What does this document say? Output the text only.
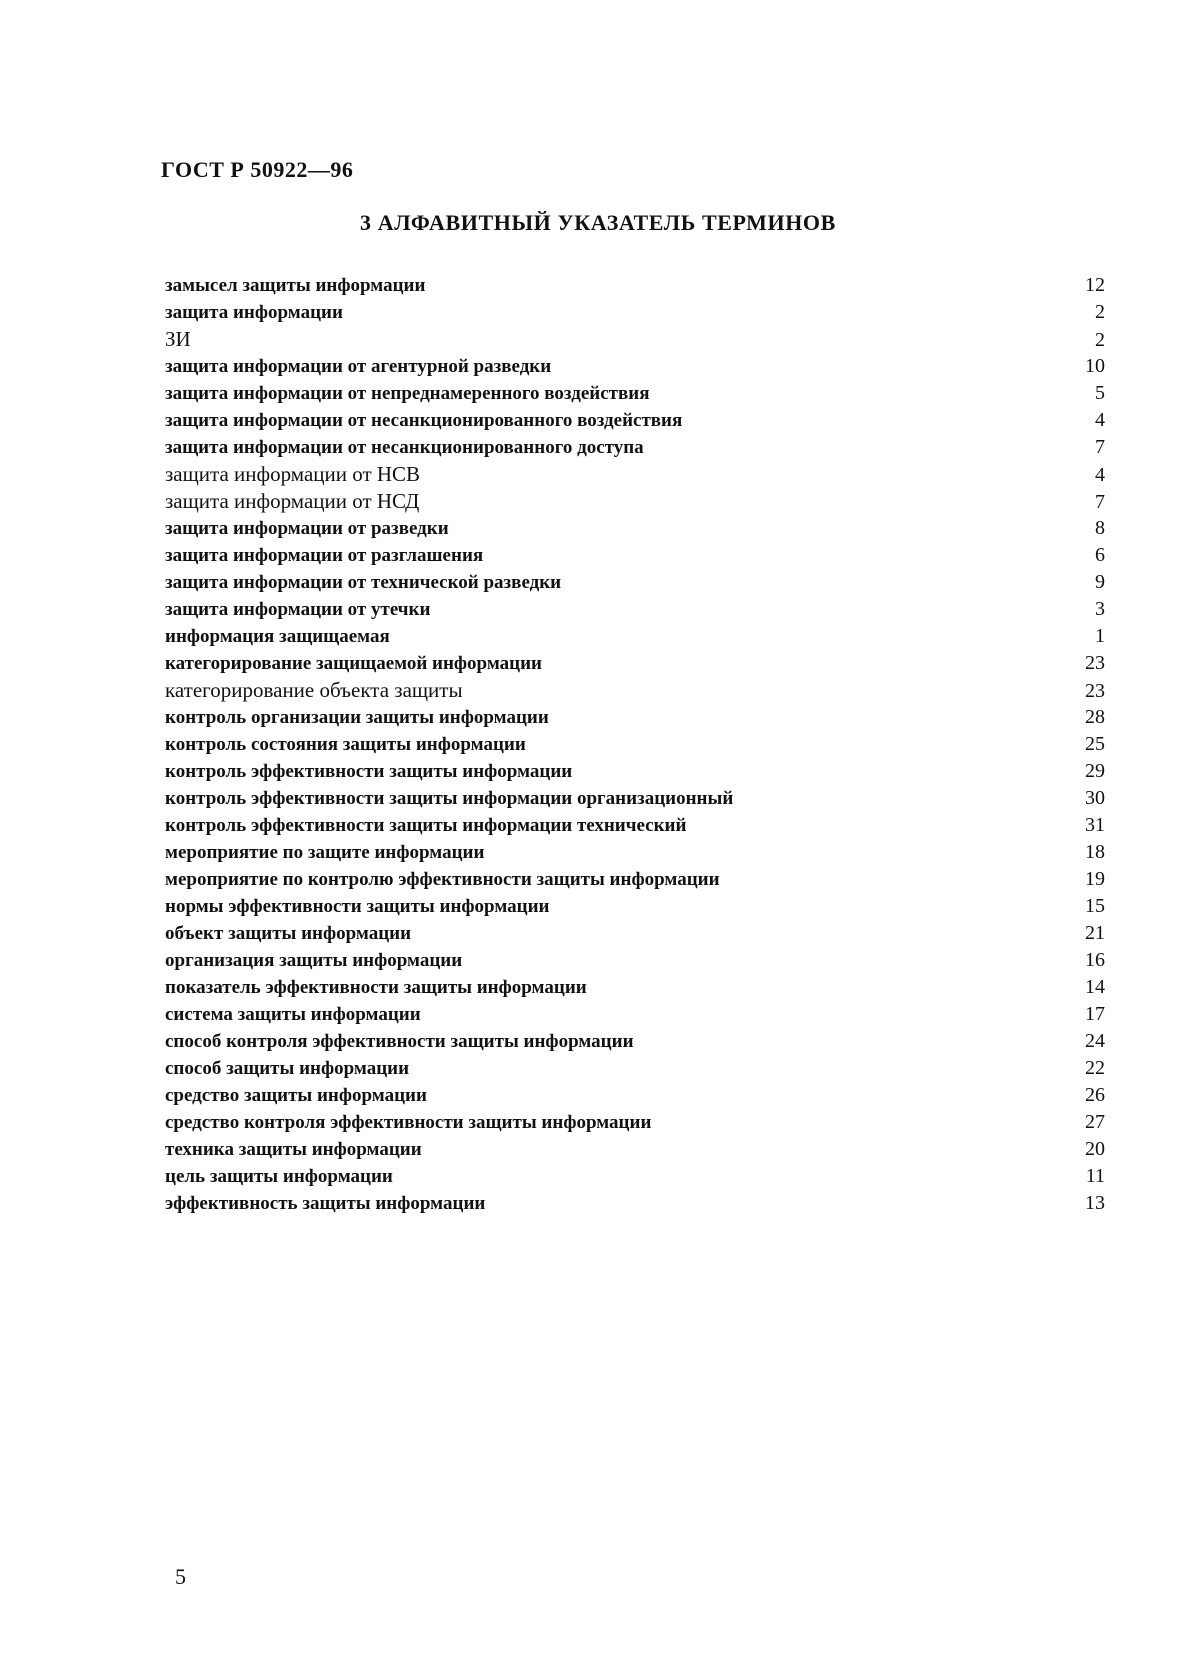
ГОСТ Р 50922—96
3 АЛФАВИТНЫЙ УКАЗАТЕЛЬ ТЕРМИНОВ
замысел защиты информации	12
защита информации	2
ЗИ	2
защита информации от агентурной разведки	10
защита информации от непреднамеренного воздействия	5
защита информации от несанкционированного воздействия	4
защита информации от несанкционированного доступа	7
защита информации от НСВ	4
защита информации от НСД	7
защита информации от разведки	8
защита информации от разглашения	6
защита информации от технической разведки	9
защита информации от утечки	3
информация защищаемая	1
категорирование защищаемой информации	23
категорирование объекта защиты	23
контроль организации защиты информации	28
контроль состояния защиты информации	25
контроль эффективности защиты информации	29
контроль эффективности защиты информации организационный	30
контроль эффективности защиты информации технический	31
мероприятие по защите информации	18
мероприятие по контролю эффективности защиты информации	19
нормы эффективности защиты информации	15
объект защиты информации	21
организация защиты информации	16
показатель эффективности защиты информации	14
система защиты информации	17
способ контроля эффективности защиты информации	24
способ защиты информации	22
средство защиты информации	26
средство контроля эффективности защиты информации	27
техника защиты информации	20
цель защиты информации	11
эффективность защиты информации	13
5
